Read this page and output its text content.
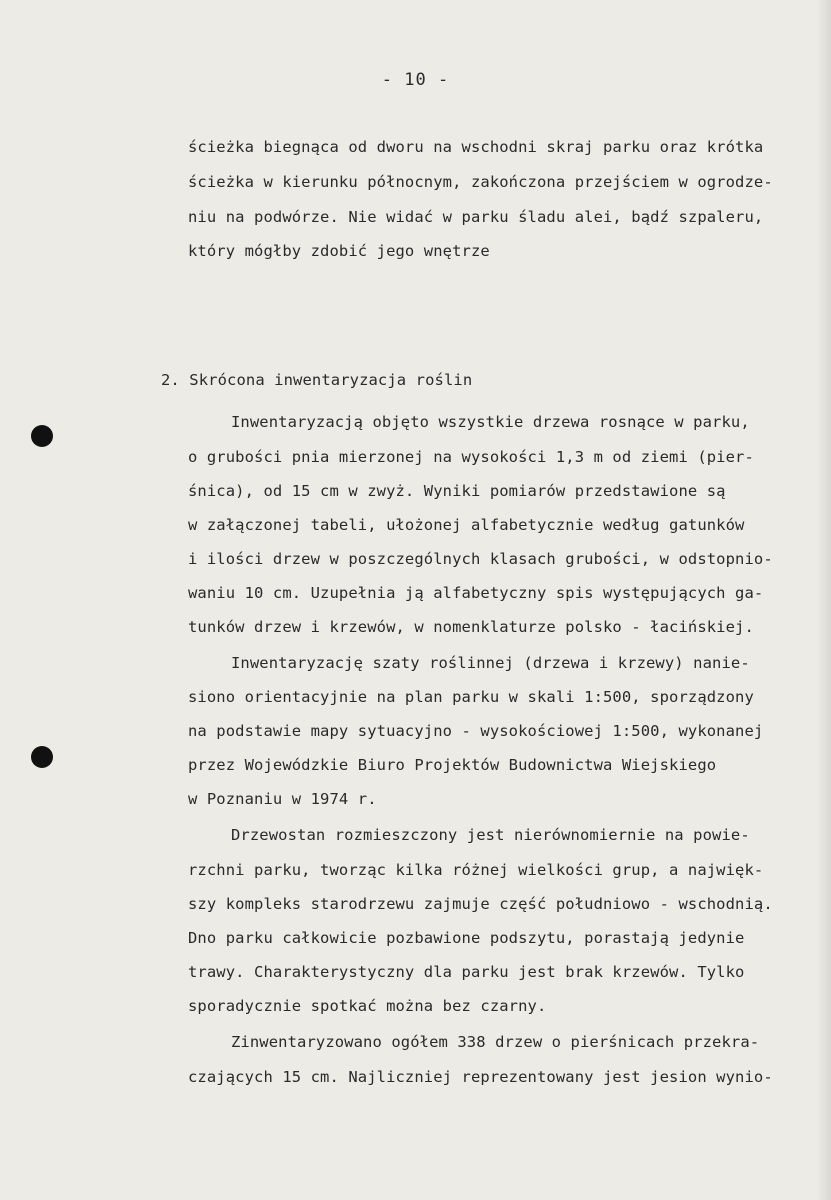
- 10 -
ścieżka biegnąca od dworu na wschodni skraj parku oraz krótka
ścieżka w kierunku północnym, zakończona przejściem w ogrodze-
niu na podwórze. Nie widać w parku śladu alei, bądź szpaleru,
który mógłby zdobić jego wnętrze
2. Skrócona inwentaryzacja roślin
Inwentaryzacją objęto wszystkie drzewa rosnące w parku,
o grubości pnia mierzonej na wysokości 1,3 m od ziemi (pier-
śnica), od 15 cm w zwyż. Wyniki pomiarów przedstawione są
w załączonej tabeli, ułożonej alfabetycznie według gatunków
i ilości drzew w poszczególnych klasach grubości, w odstopnio-
waniu 10 cm. Uzupełnia ją alfabetyczny spis występujących ga-
tunków drzew i krzewów, w nomenklaturze polsko - łacińskiej.
Inwentaryzację szaty roślinnej (drzewa i krzewy) nanie-
siono orientacyjnie na plan parku w skali 1:500, sporządzony
na podstawie mapy sytuacyjno - wysokościowej 1:500, wykonanej
przez Wojewódzkie Biuro Projektów Budownictwa Wiejskiego
w Poznaniu w 1974 r.
Drzewostan rozmieszczony jest nierównomiernie na powie-
rzchni parku, tworząc kilka różnej wielkości grup, a najwięk-
szy kompleks starodrzewu zajmuje część południowo - wschodnią.
Dno parku całkowicie pozbawione podszytu, porastają jedynie
trawy. Charakterystyczny dla parku jest brak krzewów. Tylko
sporadycznie spotkać można bez czarny.
Zinwentaryzowano ogółem 338 drzew o pierśnicach przekra-
czających 15 cm. Najliczniej reprezentowany jest jesion wynio-
